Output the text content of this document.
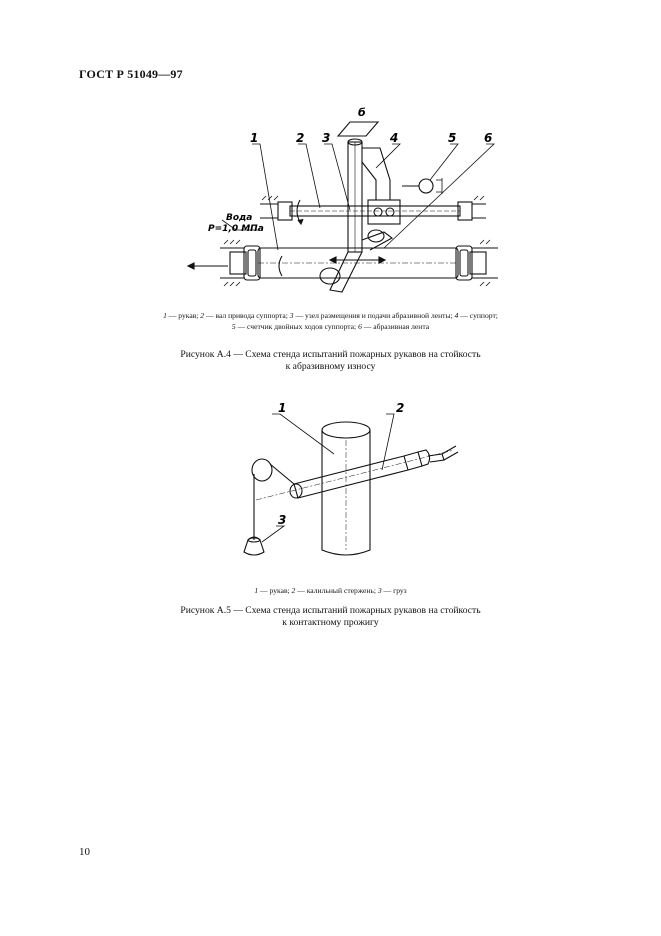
ГОСТ Р 51049—97
1	2 3	4	5 6
б
Вода
P=1,0 МПа
1 — рукав; 2 — вал привода суппорта; 3 — узел размещения и подачи абразивной ленты; 4 — суппорт;
5 — счетчик двойных ходов суппорта; 6 — абразивная лента
Рисунок А.4 — Схема стенда испытаний пожарных рукавов на стойкость
к абразивному износу
1	2
3
1 — рукав; 2 — калильный стержень; 3 — груз
Рисунок А.5 — Схема стенда испытаний пожарных рукавов на стойкость
к контактному прожигу
10
